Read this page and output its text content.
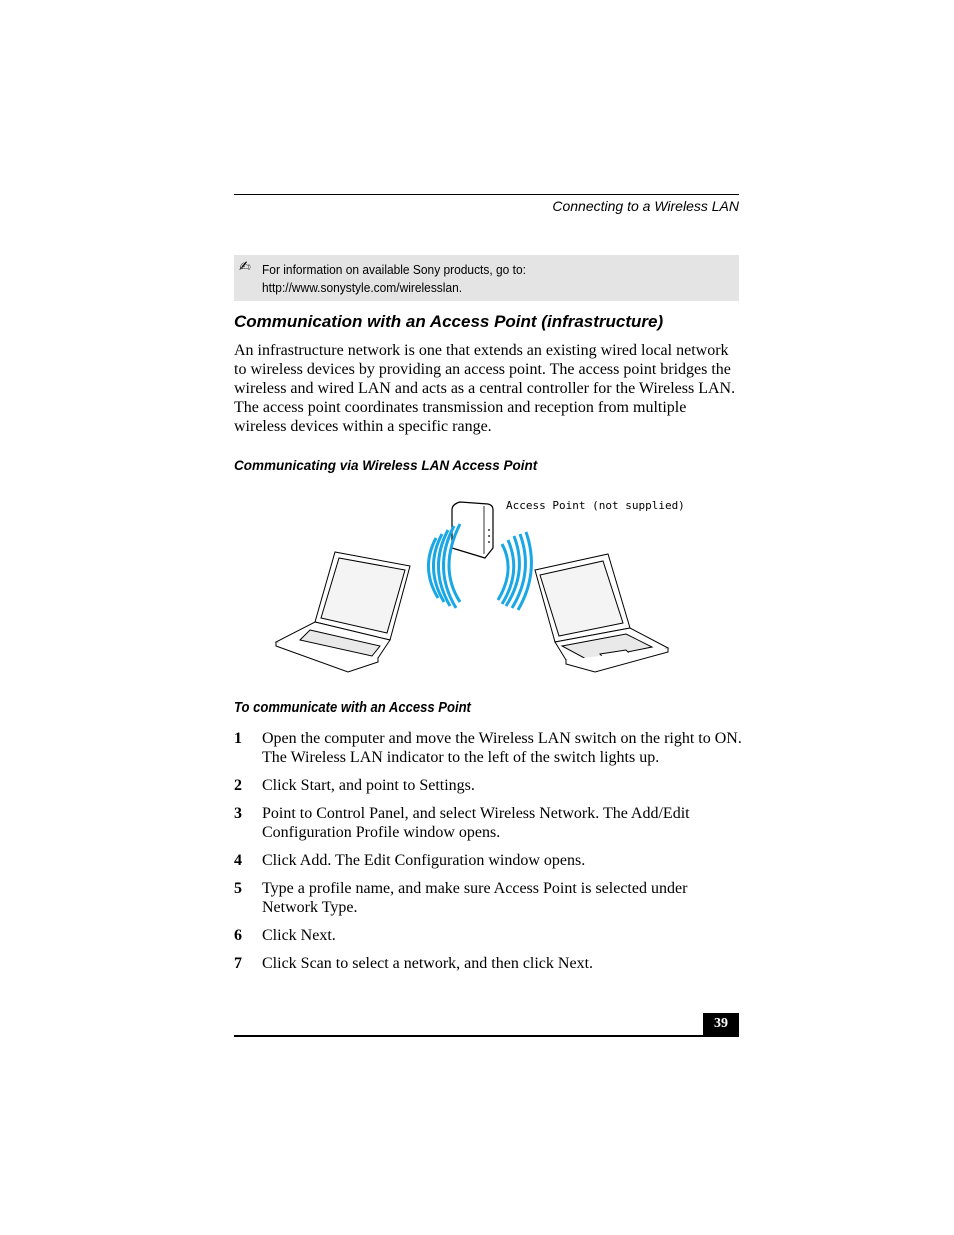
Connecting to a Wireless LAN
✍ For information on available Sony products, go to:
http://www.sonystyle.com/wirelesslan.
Communication with an Access Point (infrastructure)
An infrastructure network is one that extends an existing wired local network to wireless devices by providing an access point. The access point bridges the wireless and wired LAN and acts as a central controller for the Wireless LAN. The access point coordinates transmission and reception from multiple wireless devices within a specific range.
Communicating via Wireless LAN Access Point
Access Point (not supplied)
To communicate with an Access Point
1	Open the computer and move the Wireless LAN switch on the right to ON. The Wireless LAN indicator to the left of the switch lights up.
2	Click Start, and point to Settings.
3	Point to Control Panel, and select Wireless Network. The Add/Edit Configuration Profile window opens.
4	Click Add. The Edit Configuration window opens.
5	Type a profile name, and make sure Access Point is selected under Network Type.
6	Click Next.
7	Click Scan to select a network, and then click Next.
39
